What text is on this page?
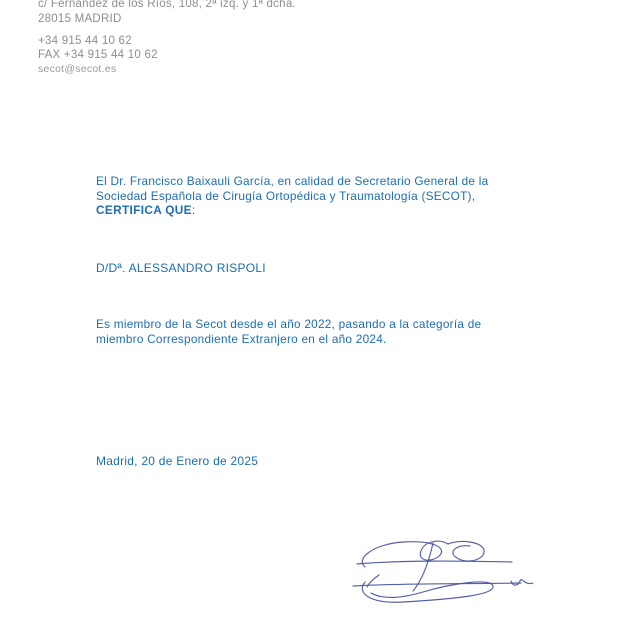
c/ Fernández de los Ríos, 108, 2ª izq. y 1ª dcha.
28015 MADRID
+34 915 44 10 62
FAX +34 915 44 10 62
secot@secot.es

El Dr. Francisco Baixauli García, en calidad de Secretario General de la
Sociedad Española de Cirugía Ortopédica y Traumatología (SECOT),
CERTIFICA QUE:

D/Dª. ALESSANDRO RISPOLI

Es miembro de la Secot desde el año 2022, pasando a la categoría de
miembro Correspondiente Extranjero en el año 2024.

Madrid, 20 de Enero de 2025
